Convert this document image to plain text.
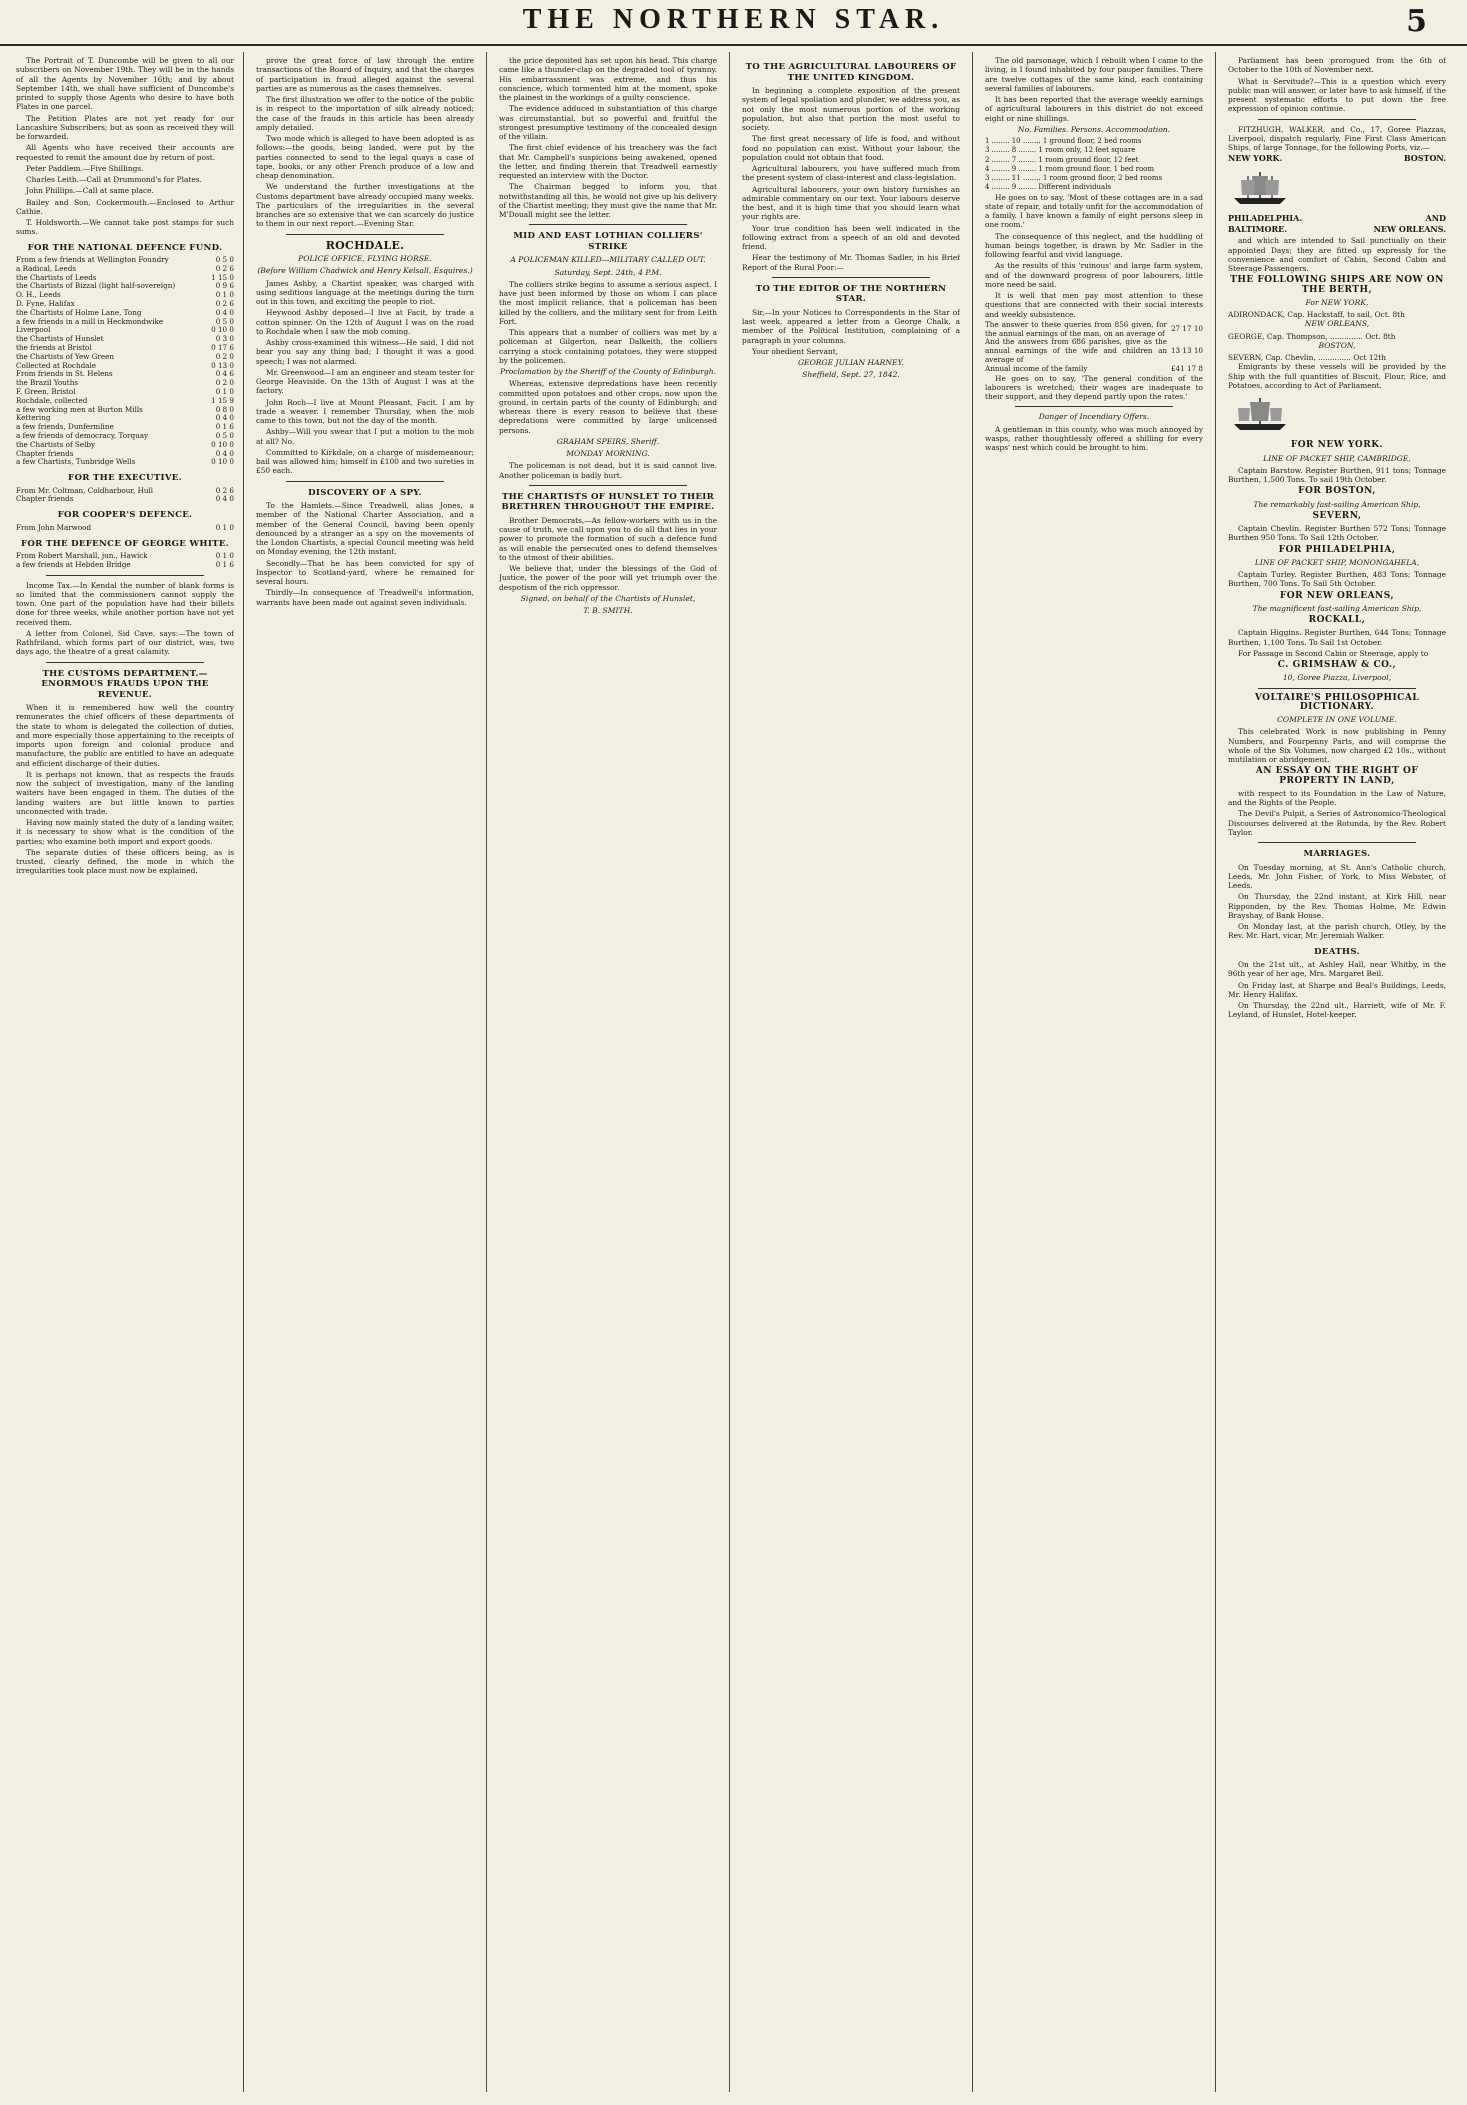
THE NORTHERN STAR.	5

The Portrait of T. Duncombe will be given to all our subscribers on November 19th. They will be in the hands of all the Agents by November 16th; and by about September 14th, we shall have sufficient of Duncombe's printed to supply those Agents who desire to have both Plates in one parcel.

The Petition Plates are not yet ready for our Lancashire Subscribers; but as soon as received they will be forwarded.

All Agents who have received their accounts are requested to remit the amount due by return of post.

Peter Paddlem.—Five Shillings.

Charles Leith.—Call at Drummond's for Plates.

John Phillips.—Call at same place.

Bailey and Son, Cockermouth.—Enclosed to Arthur Cathie.

T. Holdsworth.—We cannot take post stamps for such sums.

FOR THE NATIONAL DEFENCE FUND.
From a few friends at Wellington Foundry	0 5 0
a Radical, Leeds	0 2 6
the Chartists of Leeds	1 15 0
the Chartists of Bizzal (light half-sovereign)	0 9 6
O. H., Leeds	0 1 0
D. Fyne, Halifax	0 2 6
the Chartists of Holme Lane, Tong	0 4 0
a few friends in a mill in Heckmondwike	0 5 0
Liverpool	0 10 0
the Chartists of Hunslet	0 3 0
the friends at Bristol	0 17 6
the Chartists of Yew Green	0 2 0
Collected at Rochdale	0 13 0
From friends in St. Helens	0 4 6
the Brazil Youths	0 2 0
F. Green, Bristol	0 1 0
Rochdale, collected	1 15 9
a few working men at Burton Mills	0 8 0
Kettering	0 4 0
a few friends, Dunfermline	0 1 6
a few friends of democracy, Torquay	0 5 0
the Chartists of Selby	0 10 0
Chapter friends	0 4 0
a few Chartists, Tunbridge Wells	0 10 0
FOR THE EXECUTIVE.
From Mr. Coltman, Coldharbour, Hull	0 2 6
Chapter friends	0 4 0
FOR COOPER'S DEFENCE.
From John Marwood	0 1 0
FOR THE DEFENCE OF GEORGE WHITE.
From Robert Marshall, jun., Hawick	0 1 0
a few friends at Hebden Bridge	0 1 6

Income Tax.—In Kendal the number of blank forms is so limited that the commissioners cannot supply the town. One part of the population have had their billets done for three weeks, while another portion have not yet received them.

A letter from Colonel, Sid Cave, says:—The town of Rathfriland, which forms part of our district, was, two days ago, the theatre of a great calamity.

THE CUSTOMS DEPARTMENT.—ENORMOUS FRAUDS UPON THE REVENUE.

When it is remembered how well the country remunerates the chief officers of these departments of the state to whom is delegated the collection of duties, and more especially those appertaining to the receipts of imports upon foreign and colonial produce and manufacture, the public are entitled to have an adequate and efficient discharge of their duties.

It is perhaps not known, that as respects the frauds now the subject of investigation, many of the landing waiters have been engaged in them. The duties of the landing waiters are but little known to parties unconnected with trade.

Having now mainly stated the duty of a landing waiter, it is necessary to show what is the condition of the parties; who examine both import and export goods.

The separate duties of these officers being, as is trusted, clearly defined, the mode in which the irregularities took place must now be explained.

prove the great force of law through the entire transactions of the Board of Inquiry, and that the charges of participation in fraud alleged against the several parties are as numerous as the cases themselves.

The first illustration we offer to the notice of the public is in respect to the importation of silk already noticed; the case of the frauds in this article has been already amply detailed.

Two mode which is alleged to have been adopted is as follows:—the goods, being landed, were put by the parties connected to send to the legal quays a case of tape, books, or any other French produce of a low and cheap denomination.

We understand the further investigations at the Customs department have already occupied many weeks. The particulars of the irregularities in the several branches are so extensive that we can scarcely do justice to them in our next report.—Evening Star.

ROCHDALE.
POLICE OFFICE, FLYING HORSE.
(Before William Chadwick and Henry Kelsall, Esquires.)

James Ashby, a Chartist speaker, was charged with using seditious language at the meetings during the turn out in this town, and exciting the people to riot.

Heywood Ashby deposed—I live at Facit, by trade a cotton spinner. On the 12th of August I was on the road to Rochdale when I saw the mob coming.

Ashby cross-examined this witness—He said, I did not bear you say any thing bad; I thought it was a good speech; I was not alarmed.

Mr. Greenwood—I am an engineer and steam tester for George Heaviside. On the 13th of August I was at the factory.

John Roch—I live at Mount Pleasant, Facit. I am by trade a weaver. I remember Thursday, when the mob came to this town, but not the day of the month.

Ashby—Will you swear that I put a motion to the mob at all? No.

Committed to Kirkdale, on a charge of misdemeanour; bail was allowed him; himself in £100 and two sureties in £50 each.

DISCOVERY OF A SPY.

To the Hamlets.—Since Treadwell, alias Jones, a member of the National Charter Association, and a member of the General Council, having been openly denounced by a stranger as a spy on the movements of the London Chartists, a special Council meeting was held on Monday evening, the 12th instant.

Secondly—That he has been convicted for spy of Inspector to Scotland-yard, where he remained for several hours.

Thirdly—In consequence of Treadwell's information, warrants have been made out against seven individuals.

the price deposited has set upon his head. This charge came like a thunder-clap on the degraded tool of tyranny. His embarrassment was extreme, and thus his conscience, which tormented him at the moment, spoke the plainest in the workings of a guilty conscience.

The evidence adduced in substantiation of this charge was circumstantial, but so powerful and fruitful the strongest presumptive testimony of the concealed design of the villain.

The first chief evidence of his treachery was the fact that Mr. Campbell's suspicions being awakened, opened the letter, and finding therein that Treadwell earnestly requested an interview with the Doctor.

The Chairman begged to inform you, that notwithstanding all this, he would not give up his delivery of the Chartist meeting; they must give the name that Mr. M'Douall might see the letter.

MID AND EAST LOTHIAN COLLIERS' STRIKE
A POLICEMAN KILLED—MILITARY CALLED OUT.
Saturday, Sept. 24th, 4 P.M.

The colliers strike begins to assume a serious aspect. I have just been informed by those on whom I can place the most implicit reliance, that a policeman has been killed by the colliers, and the military sent for from Leith Fort.

This appears that a number of colliers was met by a policeman at Gilgerton, near Dalkeith, the colliers carrying a stock containing potatoes, they were stopped by the policemen.

Proclamation by the Sheriff of the County of Edinburgh.

Whereas, extensive depredations have been recently committed upon potatoes and other crops, now upon the ground, in certain parts of the county of Edinburgh; and whereas there is every reason to believe that these depredations were committed by large unlicensed persons.

GRAHAM SPEIRS, Sheriff.
MONDAY MORNING.

The policeman is not dead, but it is said cannot live. Another policeman is badly hurt.

THE CHARTISTS OF HUNSLET TO THEIR BRETHREN THROUGHOUT THE EMPIRE.

Brother Democrats,—As fellow-workers with us in the cause of truth, we call upon you to do all that lies in your power to promote the formation of such a defence fund as will enable the persecuted ones to defend themselves to the utmost of their abilities.

We believe that, under the blessings of the God of Justice, the power of the poor will yet triumph over the despotism of the rich oppressor.

Signed, on behalf of the Chartists of Hunslet,
T. B. SMITH.
TO THE AGRICULTURAL LABOURERS OF THE UNITED KINGDOM.

In beginning a complete exposition of the present system of legal spoliation and plunder, we address you, as not only the most numerous portion of the working population, but also that portion the most useful to society.

The first great necessary of life is food, and without food no population can exist. Without your labour, the population could not obtain that food.

Agricultural labourers, you have suffered much from the present system of class-interest and class-legislation.

Agricultural labourers, your own history furnishes an admirable commentary on our text. Your labours deserve the best, and it is high time that you should learn what your rights are.

Your true condition has been well indicated in the following extract from a speech of an old and devoted friend.

Hear the testimony of Mr. Thomas Sadler, in his Brief Report of the Rural Poor:—

TO THE EDITOR OF THE NORTHERN STAR.

Sir,—In your Notices to Correspondents in the Star of last week, appeared a letter from a George Chalk, a member of the Political Institution, complaining of a paragraph in your columns.

Your obedient Servant,

GEORGE JULIAN HARNEY.
Sheffield, Sept. 27, 1842.

The old parsonage, which I rebuilt when I came to the living, is I found inhabited by four pauper families. There are twelve cottages of the same kind, each containing several families of labourers.

It has been reported that the average weekly earnings of agricultural labourers in this district do not exceed eight or nine shillings.

No. Families. Persons. Accommodation.
1 ........ 10 ........ 1 ground floor, 2 bed rooms
3 ........ 8 ........ 1 room only, 12 feet square
2 ........ 7 ........ 1 room ground floor, 12 feet
4 ........ 9 ........ 1 room ground floor, 1 bed room
3 ........ 11 ........ 1 room ground floor, 2 bed rooms
4 ........ 9 ........ Different individuals

He goes on to say, 'Most of these cottages are in a sad state of repair, and totally unfit for the accommodation of a family. I have known a family of eight persons sleep in one room.'

The consequence of this neglect, and the huddling of human beings together, is drawn by Mr. Sadler in the following fearful and vivid language.

As the results of this 'ruinous' and large farm system, and of the downward progress of poor labourers, little more need be said.

It is well that men pay most attention to these questions that are connected with their social interests and weekly subsistence.

The answer to these queries from 856 given, for the annual earnings of the man, on an average of	27 17 10
And the answers from 686 parishes, give as the annual earnings of the wife and children an average of	13 13 10
Annual income of the family	£41 17 8

He goes on to say, 'The general condition of the labourers is wretched; their wages are inadequate to their support, and they depend partly upon the rates.'

Danger of Incendiary Offers.

A gentleman in this county, who was much annoyed by wasps, rather thoughtlessly offered a shilling for every wasps' nest which could be brought to him.

Parliament has been prorogued from the 6th of October to the 10th of November next.

What is Servitude?—This is a question which every public man will answer, or later have to ask himself, if the present systematic efforts to put down the free expression of opinion continue.

FITZHUGH, WALKER, and Co., 17, Goree Piazzas, Liverpool, dispatch regularly, Fine First Class American Ships, of large Tonnage, for the following Ports, viz.—

NEW YORK.	BOSTON.
PHILADELPHIA.	AND
BALTIMORE.	NEW ORLEANS.

and which are intended to Sail punctually on their appointed Days; they are fitted up expressly for the convenience and comfort of Cabin, Second Cabin and Steerage Passengers.

THE FOLLOWING SHIPS ARE NOW ON THE BERTH,
For NEW YORK,
ADIRONDACK, Cap. Hackstaff, to sail, Oct. 8th
NEW ORLEANS,
GEORGE, Cap. Thompson, .............. Oct. 8th
BOSTON,
SEVERN, Cap. Chevlin, .............. Oct 12th

Emigrants by these vessels will be provided by the Ship with the full quantities of Biscuit, Flour, Rice, and Potatoes, according to Act of Parliament.

FOR NEW YORK.
LINE OF PACKET SHIP, CAMBRIDGE,

Captain Barstow. Register Burthen, 911 tons; Tonnage Burthen, 1,500 Tons. To sail 19th October.

FOR BOSTON,
The remarkably fast-sailing American Ship,
SEVERN,

Captain Chevlin. Register Burthen 572 Tons; Tonnage Burthen 950 Tons. To Sail 12th October.

FOR PHILADELPHIA,
LINE OF PACKET SHIP, MONONGAHELA,

Captain Turley. Register Burthen, 483 Tons; Tonnage Burthen, 700 Tons. To Sail 5th October.

FOR NEW ORLEANS,
The magnificent fast-sailing American Ship,
ROCKALL,

Captain Higgins. Register Burthen, 644 Tons; Tonnage Burthen, 1,100 Tons. To Sail 1st October.

For Passage in Second Cabin or Steerage, apply to

C. GRIMSHAW & CO.,
10, Goree Piazza, Liverpool,
VOLTAIRE'S PHILOSOPHICAL DICTIONARY.
COMPLETE IN ONE VOLUME.

This celebrated Work is now publishing in Penny Numbers, and Fourpenny Parts, and will comprise the whole of the Six Volumes, now charged £2 10s., without mutilation or abridgement.

AN ESSAY ON THE RIGHT OF PROPERTY IN LAND,

with respect to its Foundation in the Law of Nature, and the Rights of the People.

The Devil's Pulpit, a Series of Astronomico-Theological Discourses delivered at the Rotunda, by the Rev. Robert Taylor.

MARRIAGES.

On Tuesday morning, at St. Ann's Catholic church, Leeds, Mr. John Fisher, of York, to Miss Webster, of Leeds.

On Thursday, the 22nd instant, at Kirk Hill, near Ripponden, by the Rev. Thomas Holme, Mr. Edwin Brayshay, of Bank House.

On Monday last, at the parish church, Otley, by the Rev. Mr. Hart, vicar, Mr. Jeremiah Walker.

DEATHS.

On the 21st ult., at Ashley Hall, near Whitby, in the 96th year of her age, Mrs. Margaret Beil.

On Friday last, at Sharpe and Beal's Buildings, Leeds, Mr. Henry Halifax.

On Thursday, the 22nd ult., Harriett, wife of Mr. F. Leyland, of Hunslet, Hotel-keeper.
